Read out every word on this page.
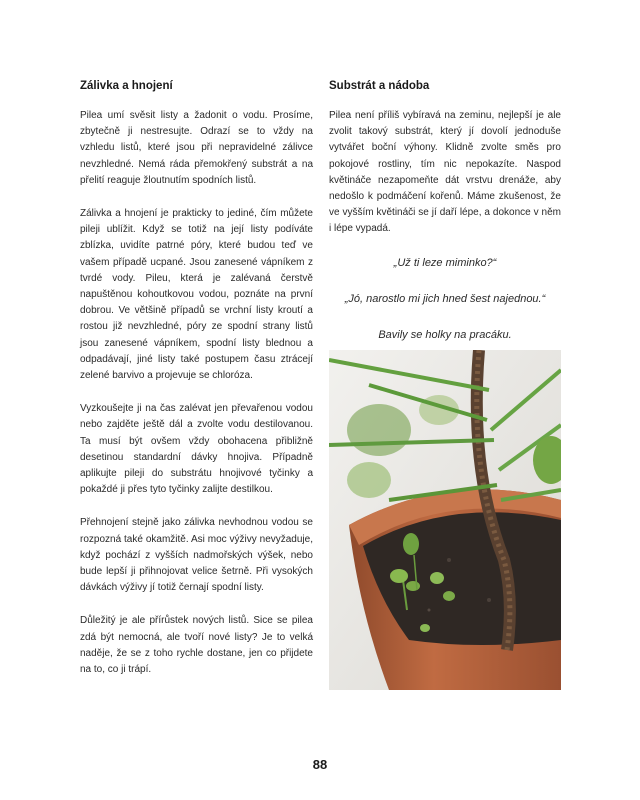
Zálivka a hnojení

Pilea umí svěsit listy a žadonit o vodu. Prosíme, zbytečně ji nestresujte. Odrazí se to vždy na vzhledu listů, které jsou při nepravidelné zálivce nevzhledné. Nemá ráda přemokřený substrát a na přelití reaguje žloutnutím spodních listů.

Zálivka a hnojení je prakticky to jediné, čím můžete pileji ublížit. Když se totiž na její listy podíváte zblízka, uvidíte patrné póry, které budou teď ve vašem případě ucpané. Jsou zanesené vápníkem z tvrdé vody. Pileu, která je zalévaná čerstvě napuštěnou kohoutkovou vodou, poznáte na první dobrou. Ve většině případů se vrchní listy kroutí a rostou již nevzhledné, póry ze spodní strany listů jsou zanesené vápníkem, spodní listy blednou a odpadávají, jiné listy také postupem času ztrácejí zelené barvivo a projevuje se chloróza.

Vyzkoušejte ji na čas zalévat jen převařenou vodou nebo zajděte ještě dál a zvolte vodu destilovanou. Ta musí být ovšem vždy obohacena přibližně desetinou standardní dávky hnojiva. Případně aplikujte pileji do substrátu hnojivové tyčinky a pokaždé ji přes tyto tyčinky zalijte destilkou.

Přehnojení stejně jako zálivka nevhodnou vodou se rozpozná také okamžitě. Asi moc výživy nevyžaduje, když pochází z vyšších nadmořských výšek, nebo bude lepší ji přihnojovat velice šetrně. Při vysokých dávkách výživy jí totiž černají spodní listy.

Důležitý je ale přírůstek nových listů. Sice se pilea zdá být nemocná, ale tvoří nové listy? Je to velká naděje, že se z toho rychle dostane, jen co přijdete na to, co ji trápí.

Substrát a nádoba

Pilea není příliš vybíravá na zeminu, nejlepší je ale zvolit takový substrát, který jí dovolí jednoduše vytvářet boční výhony. Klidně zvolte směs pro pokojové rostliny, tím nic nepokazíte. Naspod květináče nezapomeňte dát vrstvu drenáže, aby nedošlo k podmáčení kořenů. Máme zkušenost, že ve vyšším květináči se jí daří lépe, a dokonce v něm i lépe vypadá.

„Už ti leze miminko?“
„Jó, narostlo mi jich hned šest najednou.“
Bavily se holky na pracáku.
88
